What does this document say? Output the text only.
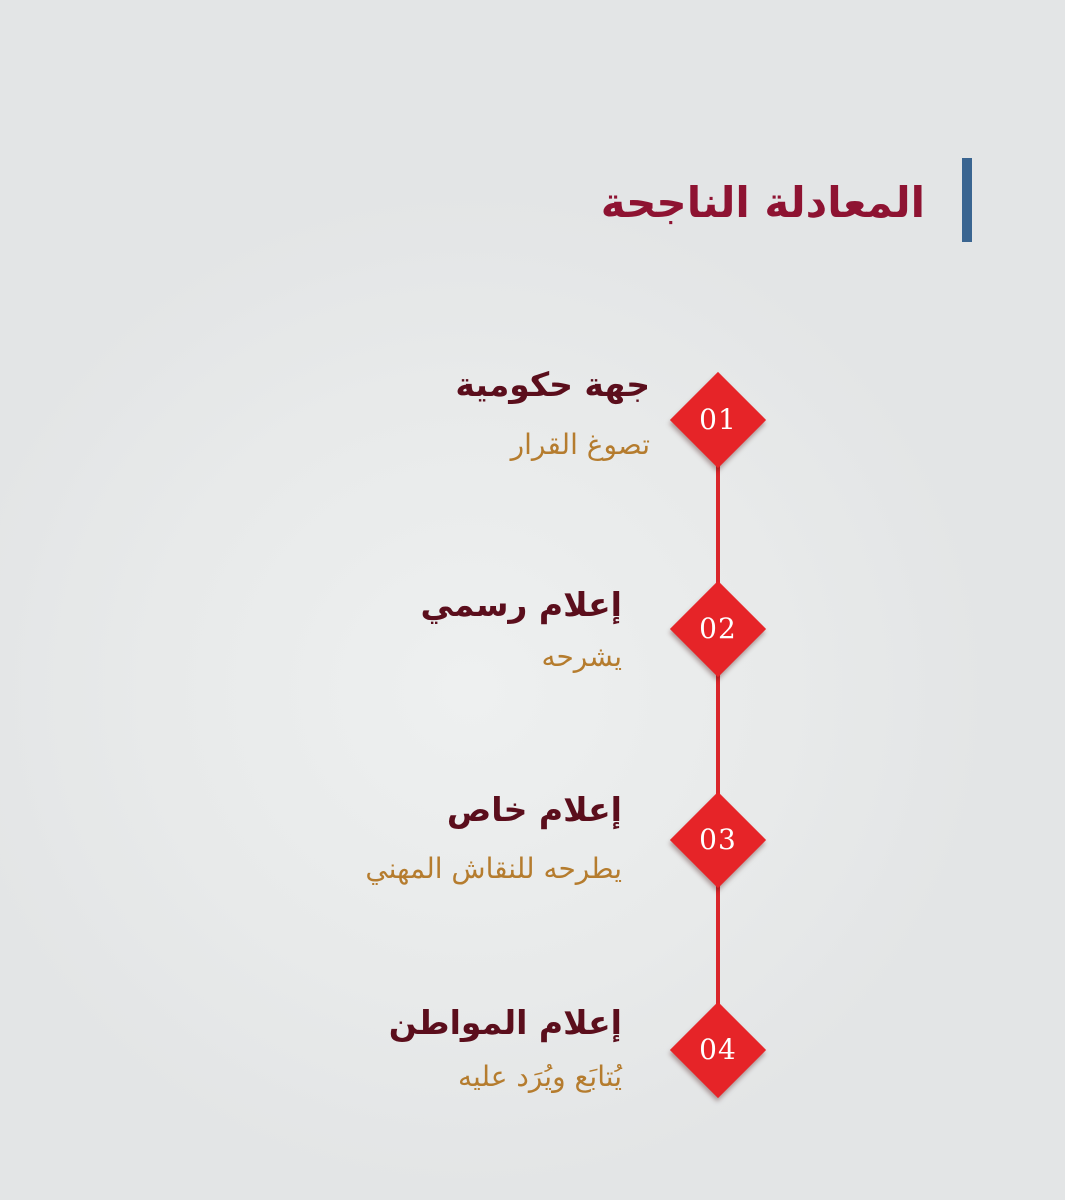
المعادلة الناجحة
01
جهة حكومية

تصوغ القرار

02
إعلام رسمي

يشرحه

03
إعلام خاص

يطرحه للنقاش المهني

04
إعلام المواطن

يُتابَع ويُرَد عليه
